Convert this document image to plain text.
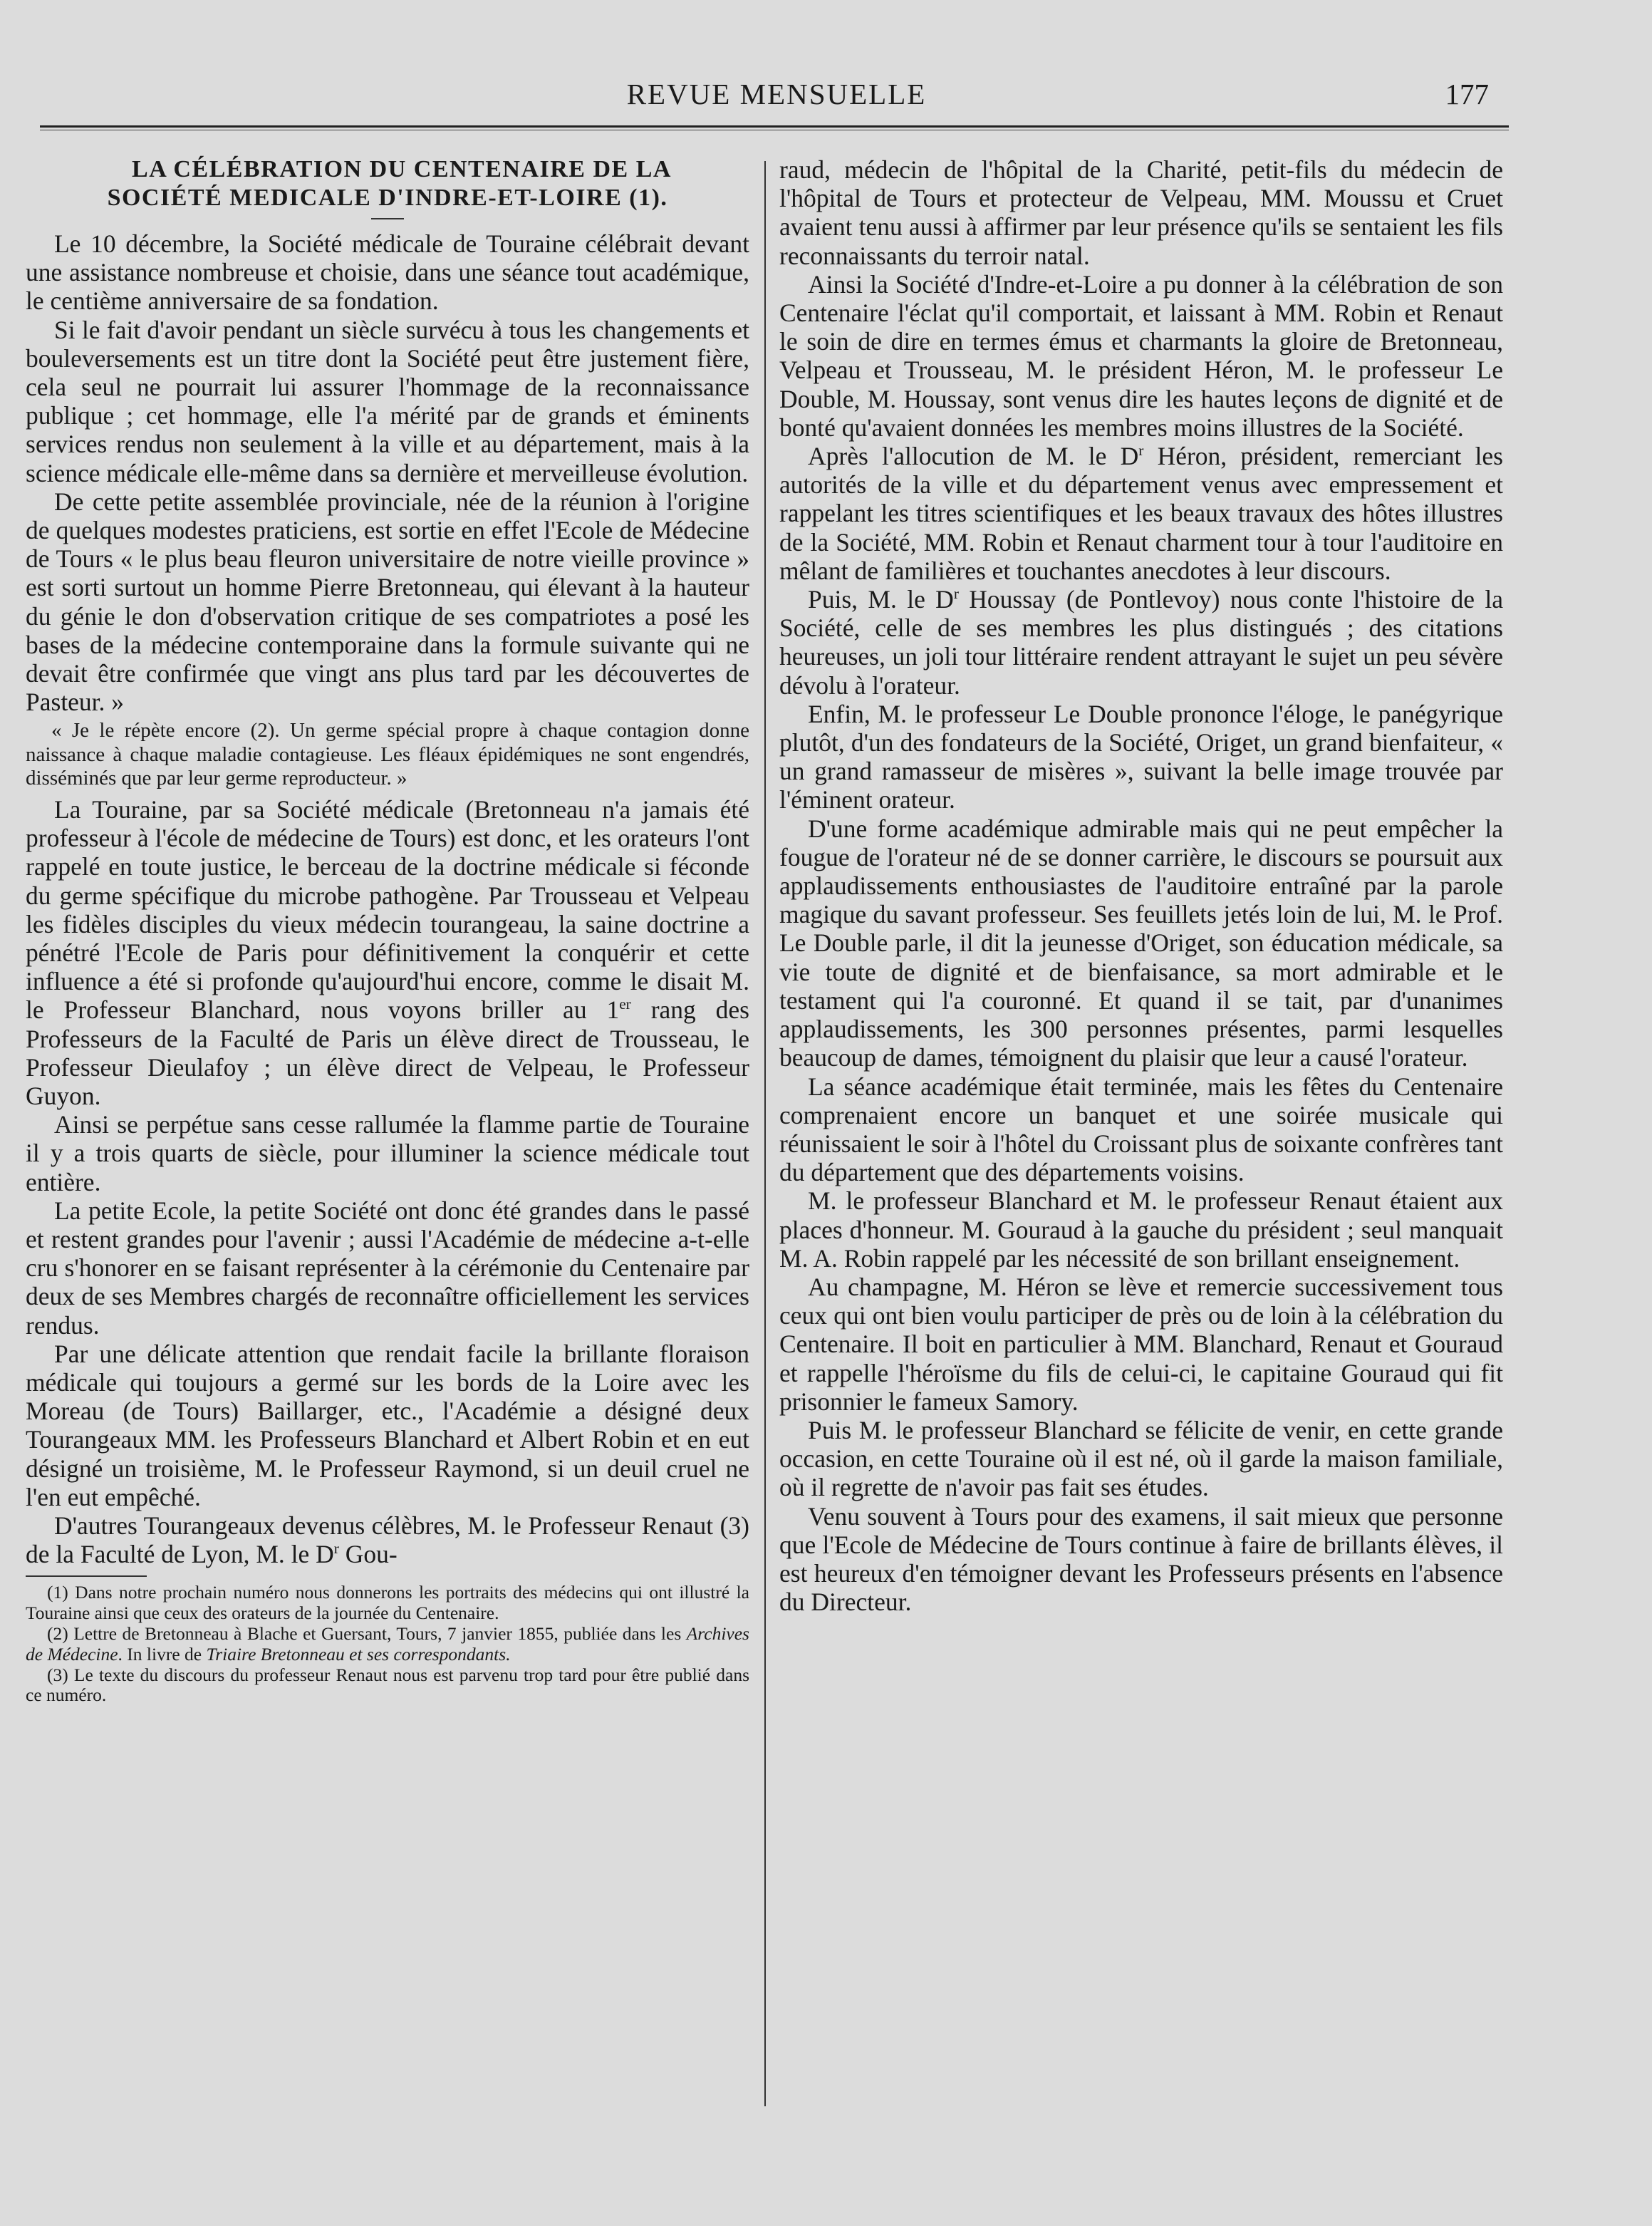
REVUE MENSUELLE	177

LA CÉLÉBRATION DU CENTENAIRE DE LA
SOCIÉTÉ MEDICALE D'INDRE-ET-LOIRE (1).

Le 10 décembre, la Société médicale de Touraine célébrait devant une assistance nombreuse et choisie, dans une séance tout académique, le centième anniversaire de sa fondation.

Si le fait d'avoir pendant un siècle survécu à tous les changements et bouleversements est un titre dont la Société peut être justement fière, cela seul ne pourrait lui assurer l'hommage de la reconnaissance publique ; cet hommage, elle l'a mérité par de grands et éminents services rendus non seulement à la ville et au département, mais à la science médicale elle-même dans sa dernière et merveilleuse évolution.

De cette petite assemblée provinciale, née de la réunion à l'origine de quelques modestes praticiens, est sortie en effet l'Ecole de Médecine de Tours « le plus beau fleuron universitaire de notre vieille province » est sorti surtout un homme Pierre Bretonneau, qui élevant à la hauteur du génie le don d'observation critique de ses compatriotes a posé les bases de la médecine contemporaine dans la formule suivante qui ne devait être confirmée que vingt ans plus tard par les découvertes de Pasteur. »

« Je le répète encore (2). Un germe spécial propre à chaque contagion donne naissance à chaque maladie contagieuse. Les fléaux épidémiques ne sont engendrés, disséminés que par leur germe reproducteur. »

La Touraine, par sa Société médicale (Bretonneau n'a jamais été professeur à l'école de médecine de Tours) est donc, et les orateurs l'ont rappelé en toute justice, le berceau de la doctrine médicale si féconde du germe spécifique du microbe pathogène. Par Trousseau et Velpeau les fidèles disciples du vieux médecin tourangeau, la saine doctrine a pénétré l'Ecole de Paris pour définitivement la conquérir et cette influence a été si profonde qu'aujourd'hui encore, comme le disait M. le Professeur Blanchard, nous voyons briller au 1er rang des Professeurs de la Faculté de Paris un élève direct de Trousseau, le Professeur Dieulafoy ; un élève direct de Velpeau, le Professeur Guyon.

Ainsi se perpétue sans cesse rallumée la flamme partie de Touraine il y a trois quarts de siècle, pour illuminer la science médicale tout entière.

La petite Ecole, la petite Société ont donc été grandes dans le passé et restent grandes pour l'avenir ; aussi l'Académie de médecine a-t-elle cru s'honorer en se faisant représenter à la cérémonie du Centenaire par deux de ses Membres chargés de reconnaître officiellement les services rendus.

Par une délicate attention que rendait facile la brillante floraison médicale qui toujours a germé sur les bords de la Loire avec les Moreau (de Tours) Baillarger, etc., l'Académie a désigné deux Tourangeaux MM. les Professeurs Blanchard et Albert Robin et en eut désigné un troisième, M. le Professeur Raymond, si un deuil cruel ne l'en eut empêché.

D'autres Tourangeaux devenus célèbres, M. le Professeur Renaut (3) de la Faculté de Lyon, M. le $D^r$ Gou-

(1) Dans notre prochain numéro nous donnerons les portraits des médecins qui ont illustré la Touraine ainsi que ceux des orateurs de la journée du Centenaire.

(2) Lettre de Bretonneau à Blache et Guersant, Tours, 7 janvier 1855, publiée dans les Archives de Médecine. In livre de Triaire Bretonneau et ses correspondants.

(3) Le texte du discours du professeur Renaut nous est parvenu trop tard pour être publié dans ce numéro.

raud, médecin de l'hôpital de la Charité, petit-fils du médecin de l'hôpital de Tours et protecteur de Velpeau, MM. Moussu et Cruet avaient tenu aussi à affirmer par leur présence qu'ils se sentaient les fils reconnaissants du terroir natal.

Ainsi la Société d'Indre-et-Loire a pu donner à la célébration de son Centenaire l'éclat qu'il comportait, et laissant à MM. Robin et Renaut le soin de dire en termes émus et charmants la gloire de Bretonneau, Velpeau et Trousseau, M. le président Héron, M. le professeur Le Double, M. Houssay, sont venus dire les hautes leçons de dignité et de bonté qu'avaient données les membres moins illustres de la Société.

Après l'allocution de M. le $D^r$ Héron, président, remerciant les autorités de la ville et du département venus avec empressement et rappelant les titres scientifiques et les beaux travaux des hôtes illustres de la Société, MM. Robin et Renaut charment tour à tour l'auditoire en mêlant de familières et touchantes anecdotes à leur discours.

Puis, M. le $D^r$ Houssay (de Pontlevoy) nous conte l'histoire de la Société, celle de ses membres les plus distingués ; des citations heureuses, un joli tour littéraire rendent attrayant le sujet un peu sévère dévolu à l'orateur.

Enfin, M. le professeur Le Double prononce l'éloge, le panégyrique plutôt, d'un des fondateurs de la Société, Origet, un grand bienfaiteur, « un grand ramasseur de misères », suivant la belle image trouvée par l'éminent orateur.

D'une forme académique admirable mais qui ne peut empêcher la fougue de l'orateur né de se donner carrière, le discours se poursuit aux applaudissements enthousiastes de l'auditoire entraîné par la parole magique du savant professeur. Ses feuillets jetés loin de lui, M. le Prof. Le Double parle, il dit la jeunesse d'Origet, son éducation médicale, sa vie toute de dignité et de bienfaisance, sa mort admirable et le testament qui l'a couronné. Et quand il se tait, par d'unanimes applaudissements, les 300 personnes présentes, parmi lesquelles beaucoup de dames, témoignent du plaisir que leur a causé l'orateur.

La séance académique était terminée, mais les fêtes du Centenaire comprenaient encore un banquet et une soirée musicale qui réunissaient le soir à l'hôtel du Croissant plus de soixante confrères tant du département que des départements voisins.

M. le professeur Blanchard et M. le professeur Renaut étaient aux places d'honneur. M. Gouraud à la gauche du président ; seul manquait M. A. Robin rappelé par les nécessité de son brillant enseignement.

Au champagne, M. Héron se lève et remercie successivement tous ceux qui ont bien voulu participer de près ou de loin à la célébration du Centenaire. Il boit en particulier à MM. Blanchard, Renaut et Gouraud et rappelle l'héroïsme du fils de celui-ci, le capitaine Gouraud qui fit prisonnier le fameux Samory.

Puis M. le professeur Blanchard se félicite de venir, en cette grande occasion, en cette Touraine où il est né, où il garde la maison familiale, où il regrette de n'avoir pas fait ses études.

Venu souvent à Tours pour des examens, il sait mieux que personne que l'Ecole de Médecine de Tours continue à faire de brillants élèves, il est heureux d'en témoigner devant les Professeurs présents en l'absence du Directeur.
